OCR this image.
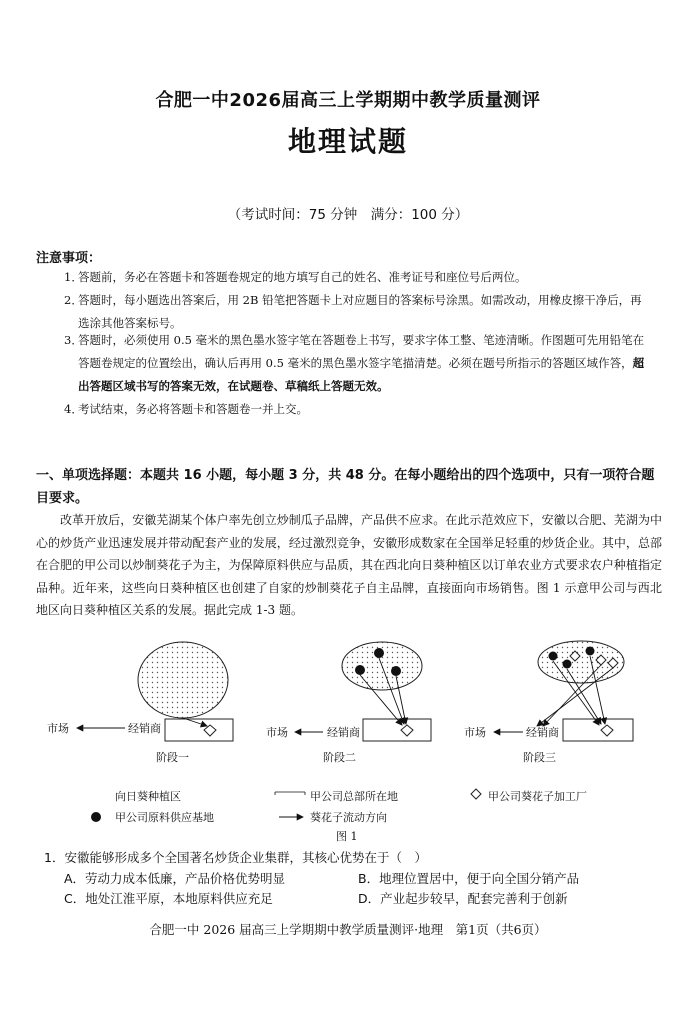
合肥一中2026届高三上学期期中教学质量测评
地理试题
（考试时间：75 分钟　满分：100 分）
注意事项：
1．
答题前，务必在答题卡和答题卷规定的地方填写自己的姓名、准考证号和座位号后两位。
2．
答题时，每小题选出答案后，用 2B 铅笔把答题卡上对应题目的答案标号涂黑。如需改动，用橡皮擦干净后，再选涂其他答案标号。
3．
答题时，必须使用 0.5 毫米的黑色墨水签字笔在答题卷上书写，要求字体工整、笔迹清晰。作图题可先用铅笔在答题卷规定的位置绘出，确认后再用 0.5 毫米的黑色墨水签字笔描清楚。必须在题号所指示的答题区域作答，超出答题区域书写的答案无效，在试题卷、草稿纸上答题无效。
4．
考试结束，务必将答题卡和答题卷一并上交。
一、单项选择题：本题共 16 小题，每小题 3 分，共 48 分。在每小题给出的四个选项中，只有一项符合题目要求。
改革开放后，安徽芜湖某个体户率先创立炒制瓜子品牌，产品供不应求。在此示范效应下，安徽以合肥、芜湖为中心的炒货产业迅速发展并带动配套产业的发展，经过激烈竞争，安徽形成数家在全国举足轻重的炒货企业。其中，总部在合肥的甲公司以炒制葵花子为主，为保障原料供应与品质，其在西北向日葵种植区以订单农业方式要求农户种植指定品种。近年来，这些向日葵种植区也创建了自家的炒制葵花子自主品牌，直接面向市场销售。图 1 示意甲公司与西北地区向日葵种植区关系的发展。据此完成 1-3 题。
市场	经销商
阶段一
市场	经销商
阶段二
市场	经销商
阶段三
向日葵种植区	甲公司总部所在地	甲公司葵花子加工厂
甲公司原料供应基地	葵花子流动方向
图 1
1．安徽能够形成多个全国著名炒货企业集群，其核心优势在于（　）
A．劳动力成本低廉，产品价格优势明显	B．地理位置居中，便于向全国分销产品
C．地处江淮平原，本地原料供应充足	D．产业起步较早，配套完善利于创新
合肥一中 2026 届高三上学期期中教学质量测评·地理　第1页（共6页）
